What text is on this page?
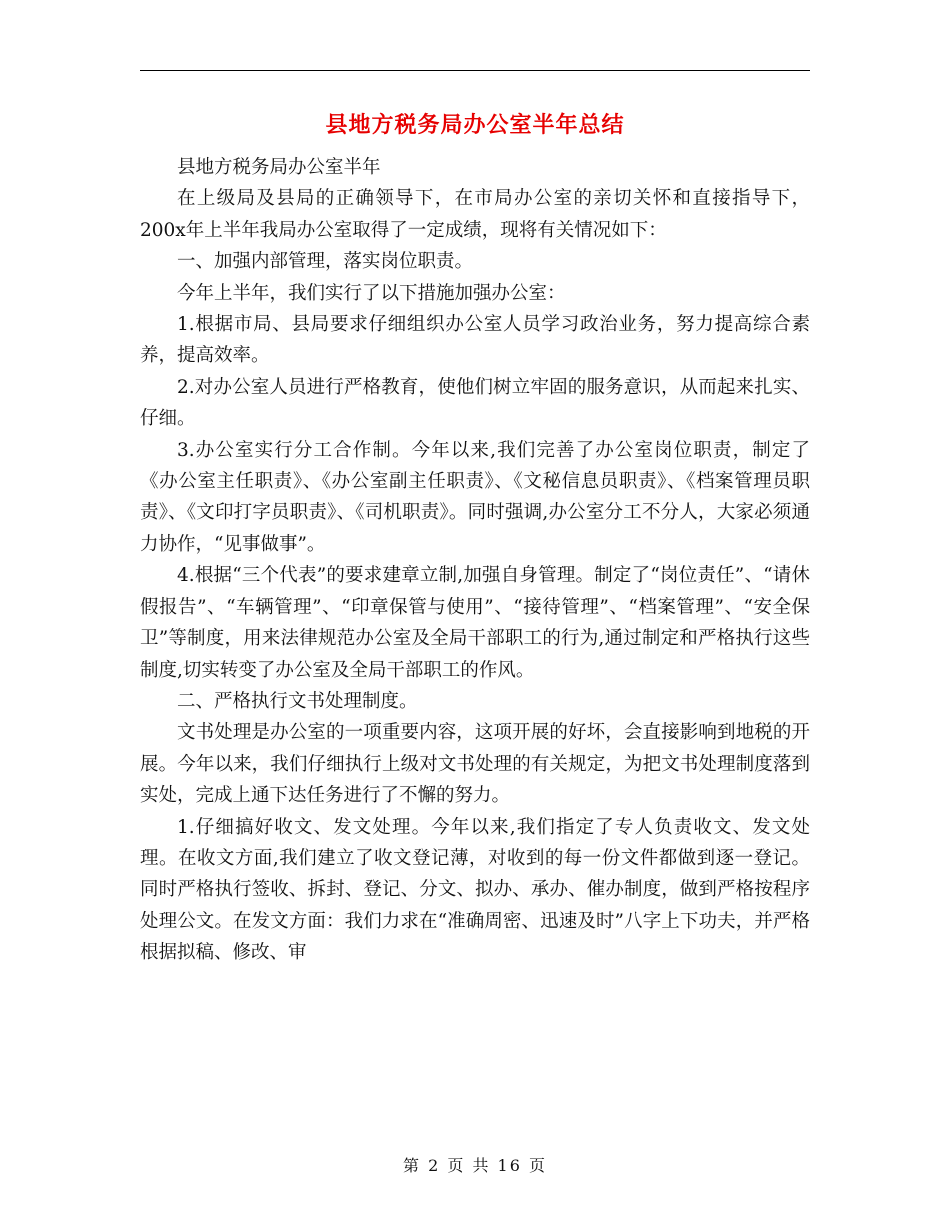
县地方税务局办公室半年总结

县地方税务局办公室半年

在上级局及县局的正确领导下，在市局办公室的亲切关怀和直接指导下，200x年上半年我局办公室取得了一定成绩，现将有关情况如下：

一、加强内部管理，落实岗位职责。

今年上半年，我们实行了以下措施加强办公室：

1.根据市局、县局要求仔细组织办公室人员学习政治业务，努力提高综合素养，提高效率。

2.对办公室人员进行严格教育，使他们树立牢固的服务意识，从而起来扎实、仔细。

3.办公室实行分工合作制。今年以来,我们完善了办公室岗位职责，制定了《办公室主任职责》、《办公室副主任职责》、《文秘信息员职责》、《档案管理员职责》、《文印打字员职责》、《司机职责》。同时强调,办公室分工不分人，大家必须通力协作，“见事做事”。

4.根据“三个代表”的要求建章立制,加强自身管理。制定了“岗位责任”、“请休假报告”、“车辆管理”、“印章保管与使用”、“接待管理”、“档案管理”、“安全保卫”等制度，用来法律规范办公室及全局干部职工的行为,通过制定和严格执行这些制度,切实转变了办公室及全局干部职工的作风。

二、严格执行文书处理制度。

文书处理是办公室的一项重要内容，这项开展的好坏，会直接影响到地税的开展。今年以来，我们仔细执行上级对文书处理的有关规定，为把文书处理制度落到实处，完成上通下达任务进行了不懈的努力。

1.仔细搞好收文、发文处理。今年以来,我们指定了专人负责收文、发文处理。在收文方面,我们建立了收文登记薄，对收到的每一份文件都做到逐一登记。同时严格执行签收、拆封、登记、分文、拟办、承办、催办制度，做到严格按程序处理公文。在发文方面：我们力求在“准确周密、迅速及时”八字上下功夫，并严格根据拟稿、修改、审

第 2 页 共 16 页
